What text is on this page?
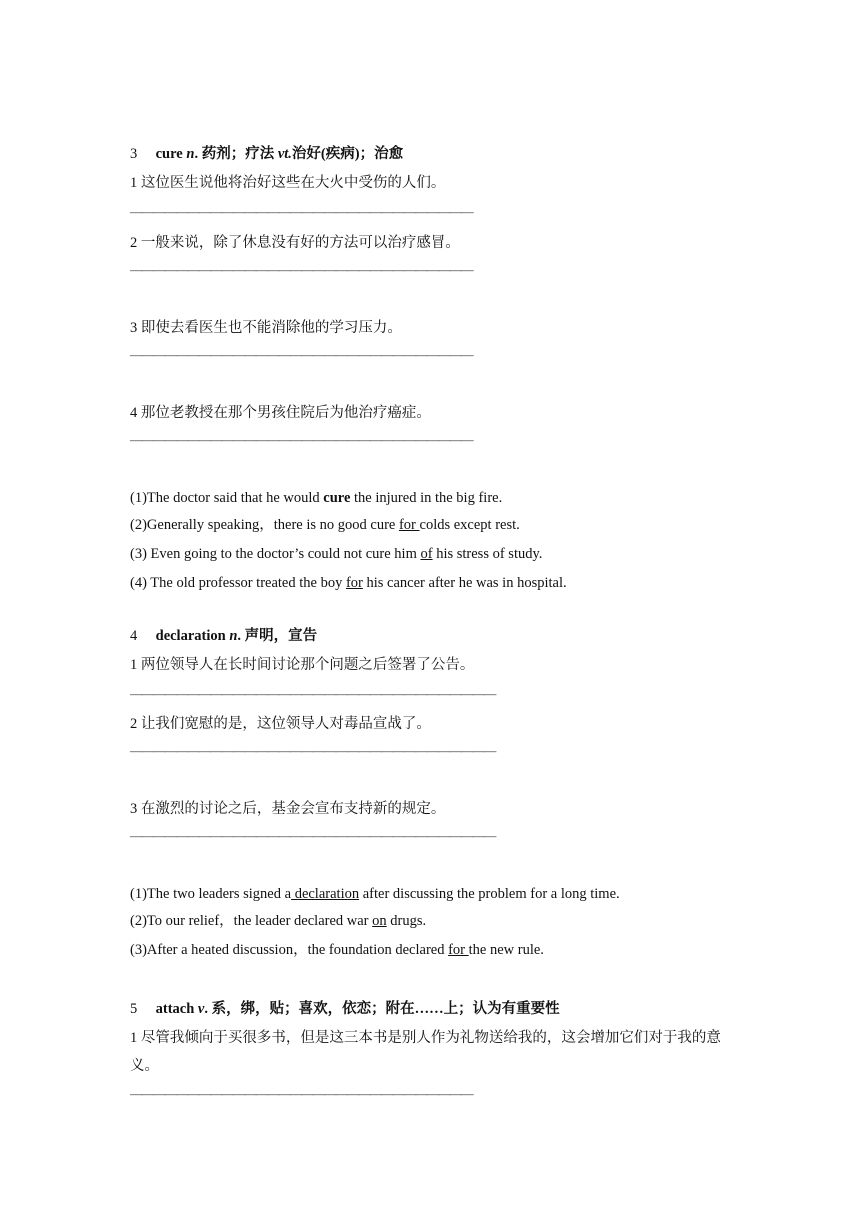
3 cure n. 药剂；疗法 vt.治好(疾病)；治愈
1 这位医生说他将治好这些在大火中受伤的人们。
——————————————————————————————
2 一般来说，除了休息没有好的方法可以治疗感冒。
——————————————————————————————
3 即使去看医生也不能消除他的学习压力。
——————————————————————————————
4 那位老教授在那个男孩住院后为他治疗癌症。
——————————————————————————————
(1)The doctor said that he would cure the injured in the big fire.
(2)Generally speaking，there is no good cure for colds except rest.
(3) Even going to the doctor’s could not cure him of his stress of study.
(4) The old professor treated the boy for his cancer after he was in hospital.
4 declaration n. 声明，宣告
1 两位领导人在长时间讨论那个问题之后签署了公告。
————————————————————————————————
2 让我们宽慰的是，这位领导人对毒品宣战了。
————————————————————————————————
3 在激烈的讨论之后，基金会宣布支持新的规定。
————————————————————————————————
(1)The two leaders signed a declaration after discussing the problem for a long time.
(2)To our relief，the leader declared war on drugs.
(3)After a heated discussion，the foundation declared for the new rule.
5 attach v. 系，绑，贴；喜欢，依恋；附在……上；认为有重要性
1 尽管我倾向于买很多书，但是这三本书是别人作为礼物送给我的，这会增加它们对于我的意义。
——————————————————————————————
